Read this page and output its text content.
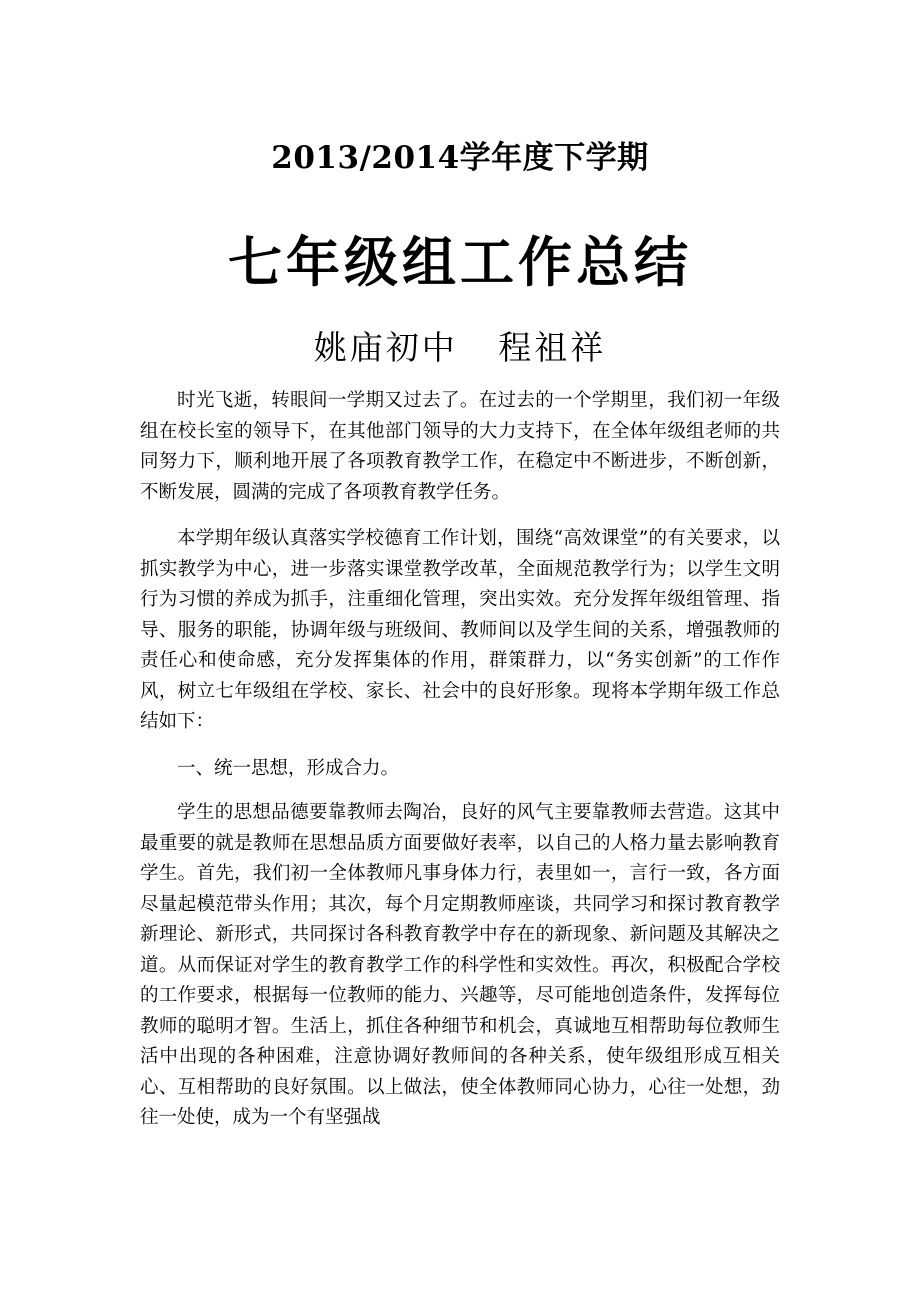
2013/2014学年度下学期
七年级组工作总结
姚庙初中   程祖祥

时光飞逝，转眼间一学期又过去了。在过去的一个学期里，我们初一年级组在校长室的领导下，在其他部门领导的大力支持下，在全体年级组老师的共同努力下，顺利地开展了各项教育教学工作，在稳定中不断进步，不断创新，不断发展，圆满的完成了各项教育教学任务。

本学期年级认真落实学校德育工作计划，围绕“高效课堂”的有关要求，以抓实教学为中心，进一步落实课堂教学改革，全面规范教学行为；以学生文明行为习惯的养成为抓手，注重细化管理，突出实效。充分发挥年级组管理、指导、服务的职能，协调年级与班级间、教师间以及学生间的关系，增强教师的责任心和使命感，充分发挥集体的作用，群策群力，以“务实创新”的工作作风，树立七年级组在学校、家长、社会中的良好形象。现将本学期年级工作总结如下：

一、统一思想，形成合力。

学生的思想品德要靠教师去陶冶，良好的风气主要靠教师去营造。这其中最重要的就是教师在思想品质方面要做好表率，以自己的人格力量去影响教育学生。首先，我们初一全体教师凡事身体力行，表里如一，言行一致，各方面尽量起模范带头作用；其次，每个月定期教师座谈，共同学习和探讨教育教学新理论、新形式，共同探讨各科教育教学中存在的新现象、新问题及其解决之道。从而保证对学生的教育教学工作的科学性和实效性。再次，积极配合学校的工作要求，根据每一位教师的能力、兴趣等，尽可能地创造条件，发挥每位教师的聪明才智。生活上，抓住各种细节和机会，真诚地互相帮助每位教师生活中出现的各种困难，注意协调好教师间的各种关系，使年级组形成互相关心、互相帮助的良好氛围。以上做法，使全体教师同心协力，心往一处想，劲往一处使，成为一个有坚强战
